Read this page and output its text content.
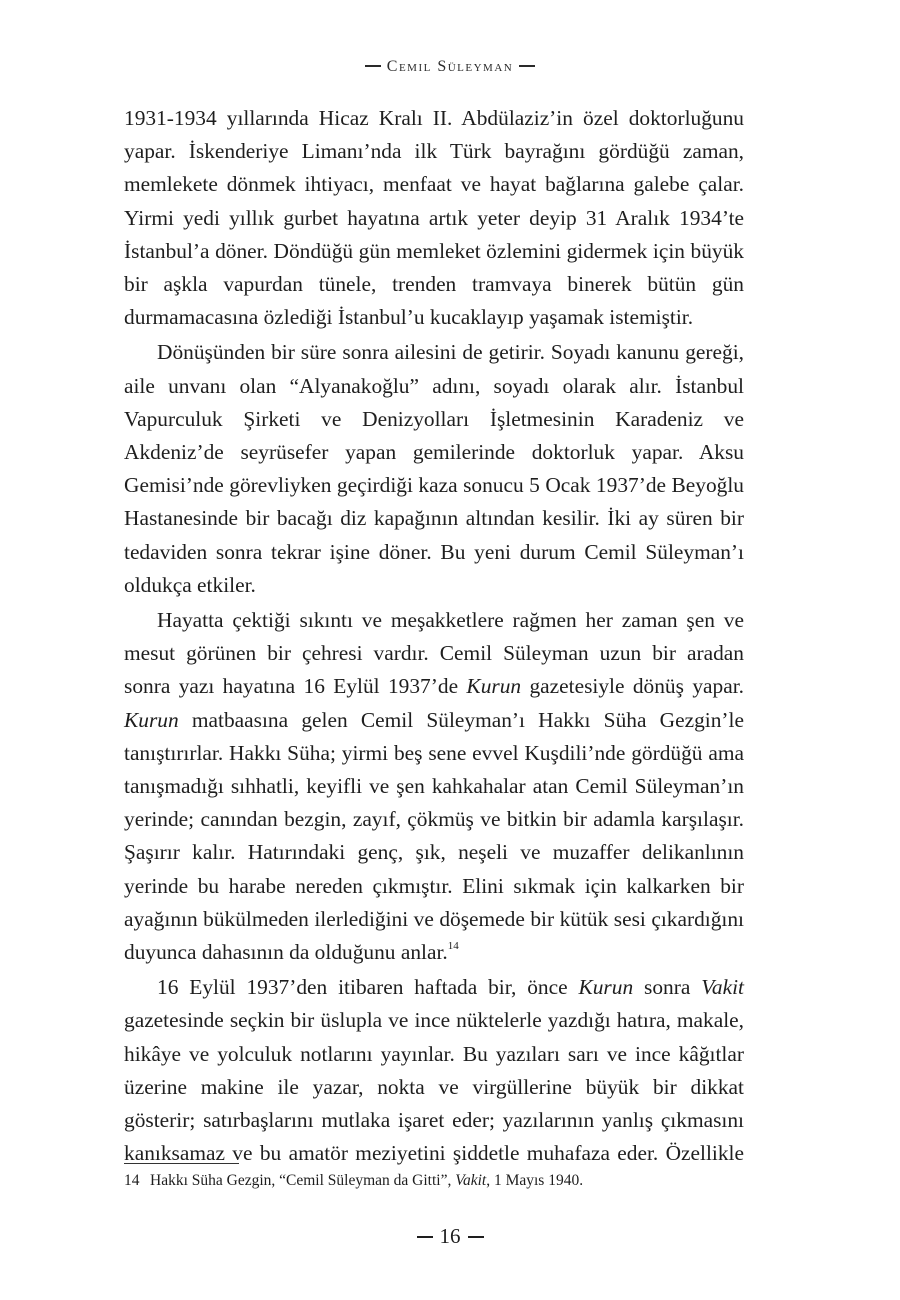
Cemil Süleyman

1931-1934 yıllarında Hicaz Kralı II. Abdülaziz’in özel doktorluğunu yapar. İskenderiye Limanı’nda ilk Türk bayrağını gördüğü zaman, memlekete dönmek ihtiyacı, menfaat ve hayat bağlarına galebe çalar. Yirmi yedi yıllık gurbet hayatına artık yeter deyip 31 Aralık 1934’te İstanbul’a döner. Döndüğü gün memleket özlemini gidermek için büyük bir aşkla vapurdan tünele, trenden tramvaya binerek bütün gün durmamacasına özlediği İstanbul’u kucaklayıp yaşamak istemiştir.

Dönüşünden bir süre sonra ailesini de getirir. Soyadı kanunu gereği, aile unvanı olan “Alyanakoğlu” adını, soyadı olarak alır. İstanbul Vapurculuk Şirketi ve Denizyolları İşletmesinin Karadeniz ve Akdeniz’de seyrüsefer yapan gemilerinde doktorluk yapar. Aksu Gemisi’nde görevliyken geçirdiği kaza sonucu 5 Ocak 1937’de Beyoğlu Hastanesinde bir bacağı diz kapağının altından kesilir. İki ay süren bir tedaviden sonra tekrar işine döner. Bu yeni durum Cemil Süleyman’ı oldukça etkiler.

Hayatta çektiği sıkıntı ve meşakketlere rağmen her zaman şen ve mesut görünen bir çehresi vardır. Cemil Süleyman uzun bir aradan sonra yazı hayatına 16 Eylül 1937’de Kurun gazetesiyle dönüş yapar. Kurun matbaasına gelen Cemil Süleyman’ı Hakkı Süha Gezgin’le tanıştırırlar. Hakkı Süha; yirmi beş sene evvel Kuşdili’nde gördüğü ama tanışmadığı sıhhatli, keyifli ve şen kahkahalar atan Cemil Süleyman’ın yerinde; canından bezgin, zayıf, çökmüş ve bitkin bir adamla karşılaşır. Şaşırır kalır. Hatırındaki genç, şık, neşeli ve muzaffer delikanlının yerinde bu harabe nereden çıkmıştır. Elini sıkmak için kalkarken bir ayağının bükülmeden ilerlediğini ve döşemede bir kütük sesi çıkardığını duyunca dahasının da olduğunu anlar.$^{14}$

16 Eylül 1937’den itibaren haftada bir, önce Kurun sonra Vakit gazetesinde seçkin bir üslupla ve ince nüktelerle yazdığı hatıra, makale, hikâye ve yolculuk notlarını yayınlar. Bu yazıları sarı ve ince kâğıtlar üzerine makine ile yazar, nokta ve virgüllerine büyük bir dikkat gösterir; satırbaşlarını mutlaka işaret eder; yazılarının yanlış çıkmasını kanıksamaz ve bu amatör meziyetini şiddetle muhafaza eder. Özellikle

14 Hakkı Süha Gezgin, “Cemil Süleyman da Gitti”, Vakit, 1 Mayıs 1940.
16
